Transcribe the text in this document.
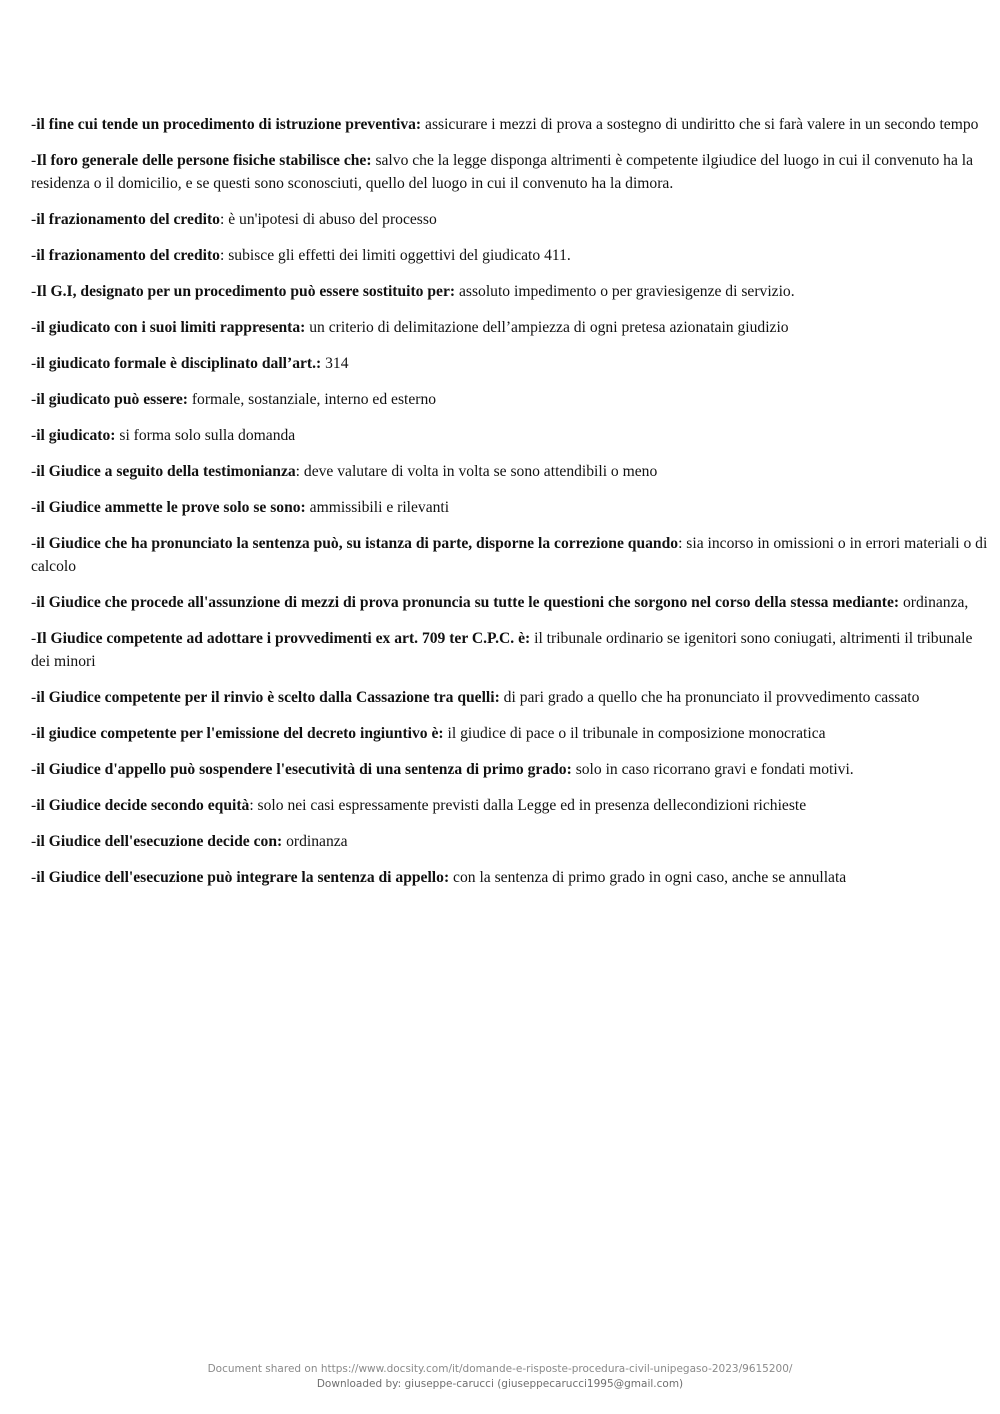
-il fine cui tende un procedimento di istruzione preventiva: assicurare i mezzi di prova a sostegno di undiritto che si farà valere in un secondo tempo

-Il foro generale delle persone fisiche stabilisce che: salvo che la legge disponga altrimenti è competente ilgiudice del luogo in cui il convenuto ha la residenza o il domicilio, e se questi sono sconosciuti, quello del luogo in cui il convenuto ha la dimora.

-il frazionamento del credito: è un'ipotesi di abuso del processo

-il frazionamento del credito: subisce gli effetti dei limiti oggettivi del giudicato 411.

-Il G.I, designato per un procedimento può essere sostituito per: assoluto impedimento o per graviesigenze di servizio.

-il giudicato con i suoi limiti rappresenta: un criterio di delimitazione dell’ampiezza di ogni pretesa azionatain giudizio

-il giudicato formale è disciplinato dall’art.: 314

-il giudicato può essere: formale, sostanziale, interno ed esterno

-il giudicato: si forma solo sulla domanda

-il Giudice a seguito della testimonianza: deve valutare di volta in volta se sono attendibili o meno

-il Giudice ammette le prove solo se sono: ammissibili e rilevanti

-il Giudice che ha pronunciato la sentenza può, su istanza di parte, disporne la correzione quando: sia incorso in omissioni o in errori materiali o di calcolo

-il Giudice che procede all'assunzione di mezzi di prova pronuncia su tutte le questioni che sorgono nel corso della stessa mediante: ordinanza,

-Il Giudice competente ad adottare i provvedimenti ex art. 709 ter C.P.C. è: il tribunale ordinario se igenitori sono coniugati, altrimenti il tribunale dei minori

-il Giudice competente per il rinvio è scelto dalla Cassazione tra quelli: di pari grado a quello che ha pronunciato il provvedimento cassato

-il giudice competente per l'emissione del decreto ingiuntivo è: il giudice di pace o il tribunale in composizione monocratica

-il Giudice d'appello può sospendere l'esecutività di una sentenza di primo grado: solo in caso ricorrano gravi e fondati motivi.

-il Giudice decide secondo equità: solo nei casi espressamente previsti dalla Legge ed in presenza dellecondizioni richieste

-il Giudice dell'esecuzione decide con: ordinanza

-il Giudice dell'esecuzione può integrare la sentenza di appello: con la sentenza di primo grado in ogni caso, anche se annullata

Document shared on https://www.docsity.com/it/domande-e-risposte-procedura-civil-unipegaso-2023/9615200/
Downloaded by: giuseppe-carucci (giuseppecarucci1995@gmail.com)
